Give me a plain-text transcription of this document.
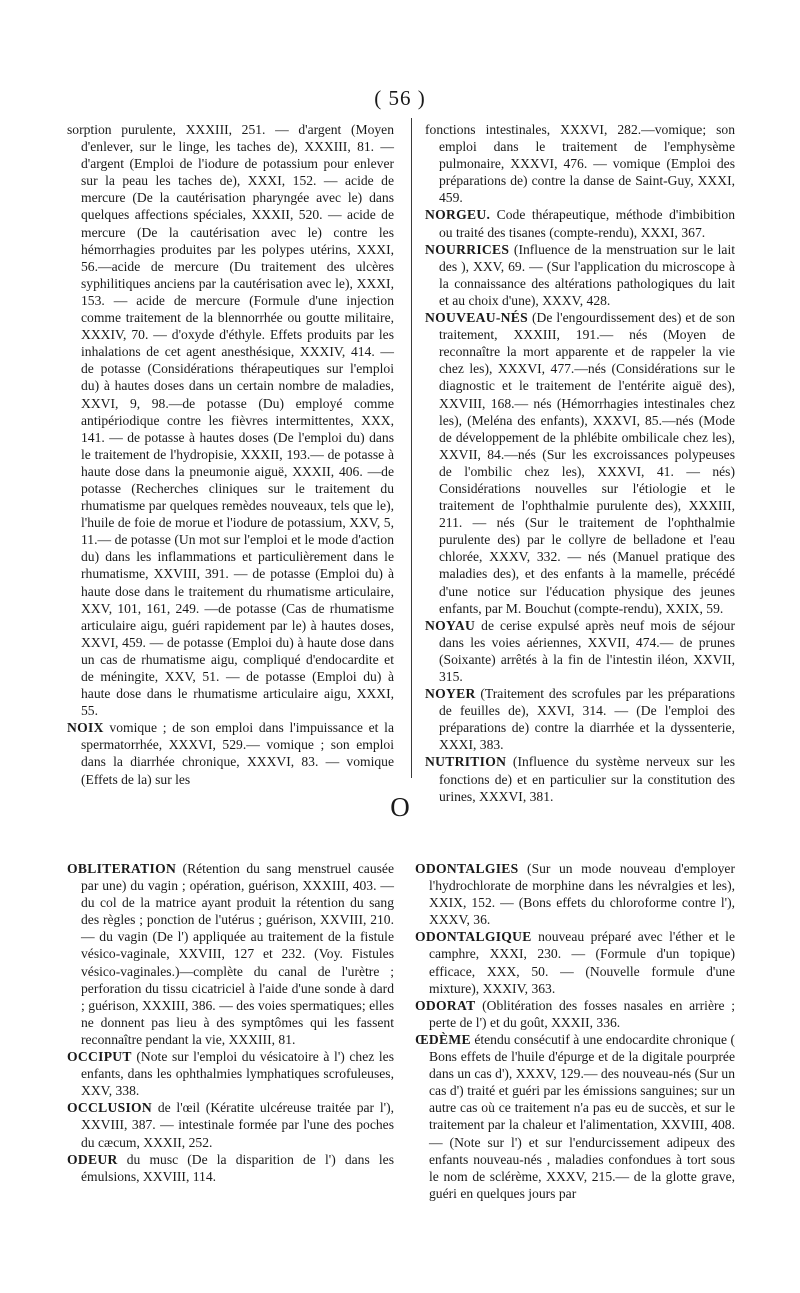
( 56 )

sorption purulente, XXXIII, 251. — d'argent (Moyen d'enlever, sur le linge, les taches de), XXXIII, 81. — d'argent (Emploi de l'iodure de potassium pour enlever sur la peau les taches de), XXXI, 152. — acide de mercure (De la cautérisation pharyngée avec le) dans quelques affections spéciales, XXXII, 520. — acide de mercure (De la cautérisation avec le) contre les hémorrhagies produites par les polypes utérins, XXXI, 56.—acide de mercure (Du traitement des ulcères syphilitiques anciens par la cautérisation avec le), XXXI, 153. — acide de mercure (Formule d'une injection comme traitement de la blennorrhée ou goutte militaire, XXXIV, 70. — d'oxyde d'éthyle. Effets produits par les inhalations de cet agent anesthésique, XXXIV, 414. — de potasse (Considérations thérapeutiques sur l'emploi du) à hautes doses dans un certain nombre de maladies, XXVI, 9, 98.—de potasse (Du) employé comme antipériodique contre les fièvres intermittentes, XXX, 141. — de potasse à hautes doses (De l'emploi du) dans le traitement de l'hydropisie, XXXII, 193.— de potasse à haute dose dans la pneumonie aiguë, XXXII, 406. —de potasse (Recherches cliniques sur le traitement du rhumatisme par quelques remèdes nouveaux, tels que le), l'huile de foie de morue et l'iodure de potassium, XXV, 5, 11.— de potasse (Un mot sur l'emploi et le mode d'action du) dans les inflammations et particulièrement dans le rhumatisme, XXVIII, 391. — de potasse (Emploi du) à haute dose dans le traitement du rhumatisme articulaire, XXV, 101, 161, 249. —de potasse (Cas de rhumatisme articulaire aigu, guéri rapidement par le) à hautes doses, XXVI, 459. — de potasse (Emploi du) à haute dose dans un cas de rhumatisme aigu, compliqué d'endocardite et de méningite, XXV, 51. — de potasse (Emploi du) à haute dose dans le rhumatisme articulaire aigu, XXXI, 55.

NOIX vomique ; de son emploi dans l'impuissance et la spermatorrhée, XXXVI, 529.— vomique ; son emploi dans la diarrhée chronique, XXXVI, 83. — vomique (Effets de la) sur les

fonctions intestinales, XXXVI, 282.—vomique; son emploi dans le traitement de l'emphysème pulmonaire, XXXVI, 476. — vomique (Emploi des préparations de) contre la danse de Saint-Guy, XXXI, 459.

NORGEU. Code thérapeutique, méthode d'imbibition ou traité des tisanes (compte-rendu), XXXI, 367.

NOURRICES (Influence de la menstruation sur le lait des ), XXV, 69. — (Sur l'application du microscope à la connaissance des altérations pathologiques du lait et au choix d'une), XXXV, 428.

NOUVEAU-NÉS (De l'engourdissement des) et de son traitement, XXXIII, 191.— nés (Moyen de reconnaître la mort apparente et de rappeler la vie chez les), XXXVI, 477.—nés (Considérations sur le diagnostic et le traitement de l'entérite aiguë des), XXVIII, 168.— nés (Hémorrhagies intestinales chez les), (Meléna des enfants), XXXVI, 85.—nés (Mode de développement de la phlébite ombilicale chez les), XXVII, 84.—nés (Sur les excroissances polypeuses de l'ombilic chez les), XXXVI, 41. — nés) Considérations nouvelles sur l'étiologie et le traitement de l'ophthalmie purulente des), XXXIII, 211. — nés (Sur le traitement de l'ophthalmie purulente des) par le collyre de belladone et l'eau chlorée, XXXV, 332. — nés (Manuel pratique des maladies des), et des enfants à la mamelle, précédé d'une notice sur l'éducation physique des jeunes enfants, par M. Bouchut (compte-rendu), XXIX, 59.

NOYAU de cerise expulsé après neuf mois de séjour dans les voies aériennes, XXVII, 474.— de prunes (Soixante) arrêtés à la fin de l'intestin iléon, XXVII, 315.

NOYER (Traitement des scrofules par les préparations de feuilles de), XXVI, 314. — (De l'emploi des préparations de) contre la diarrhée et la dyssenterie, XXXI, 383.

NUTRITION (Influence du système nerveux sur les fonctions de) et en particulier sur la constitution des urines, XXXVI, 381.

O

OBLITERATION (Rétention du sang menstruel causée par une) du vagin ; opération, guérison, XXXIII, 403. — du col de la matrice ayant produit la rétention du sang des règles ; ponction de l'utérus ; guérison, XXVIII, 210. — du vagin (De l') appliquée au traitement de la fistule vésico-vaginale, XXVIII, 127 et 232. (Voy. Fistules vésico-vaginales.)—complète du canal de l'urètre ; perforation du tissu cicatriciel à l'aide d'une sonde à dard ; guérison, XXXIII, 386. — des voies spermatiques; elles ne donnent pas lieu à des symptômes qui les fassent reconnaître pendant la vie, XXXIII, 81.

OCCIPUT (Note sur l'emploi du vésicatoire à l') chez les enfants, dans les ophthalmies lymphatiques scrofuleuses, XXV, 338.

OCCLUSION de l'œil (Kératite ulcéreuse traitée par l'), XXVIII, 387. — intestinale formée par l'une des poches du cæcum, XXXII, 252.

ODEUR du musc (De la disparition de l') dans les émulsions, XXVIII, 114.

ODONTALGIES (Sur un mode nouveau d'employer l'hydrochlorate de morphine dans les névralgies et les), XXIX, 152. — (Bons effets du chloroforme contre l'), XXXV, 36.

ODONTALGIQUE nouveau préparé avec l'éther et le camphre, XXXI, 230. — (Formule d'un topique) efficace, XXX, 50. — (Nouvelle formule d'une mixture), XXXIV, 363.

ODORAT (Oblitération des fosses nasales en arrière ; perte de l') et du goût, XXXII, 336.

ŒDÈME étendu consécutif à une endocardite chronique ( Bons effets de l'huile d'épurge et de la digitale pourprée dans un cas d'), XXXV, 129.— des nouveau-nés (Sur un cas d') traité et guéri par les émissions sanguines; sur un autre cas où ce traitement n'a pas eu de succès, et sur le traitement par la chaleur et l'alimentation, XXVIII, 408. — (Note sur l') et sur l'endurcissement adipeux des enfants nouveau-nés , maladies confondues à tort sous le nom de sclérème, XXXV, 215.— de la glotte grave, guéri en quelques jours par
